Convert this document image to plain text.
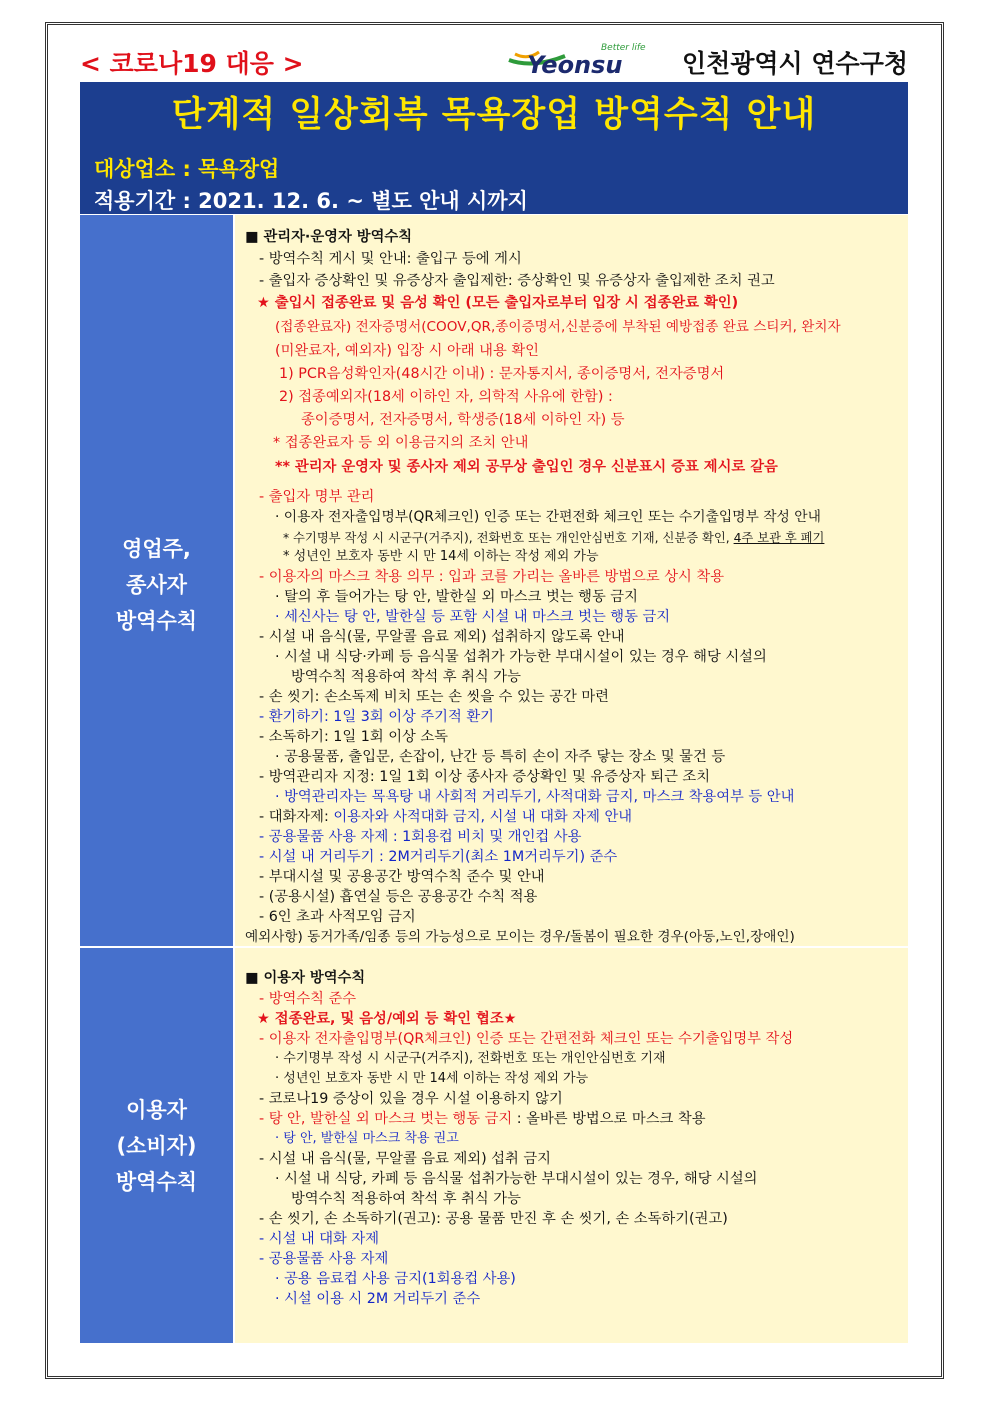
< 코로나19 대응 >	Yeonsu
Better life
인천광역시 연수구청
단계적 일상회복 목욕장업 방역수칙 안내
대상업소 : 목욕장업
적용기간 : 2021. 12. 6. ~ 별도 안내 시까지
영업주,
종사자
방역수칙
■ 관리자·운영자 방역수칙
- 방역수칙 게시 및 안내: 출입구 등에 게시
- 출입자 증상확인 및 유증상자 출입제한: 증상확인 및 유증상자 출입제한 조치 권고
★ 출입시 접종완료 및 음성 확인 (모든 출입자로부터 입장 시 접종완료 확인)
(접종완료자) 전자증명서(COOV,QR,종이증명서,신분증에 부착된 예방접종 완료 스티커, 완치자
(미완료자, 예외자) 입장 시 아래 내용 확인
1) PCR음성확인자(48시간 이내) : 문자통지서, 종이증명서, 전자증명서
2) 접종예외자(18세 이하인 자, 의학적 사유에 한함) :
종이증명서, 전자증명서, 학생증(18세 이하인 자) 등
* 접종완료자 등 외 이용금지의 조치 안내
** 관리자 운영자 및 종사자 제외 공무상 출입인 경우 신분표시 증표 제시로 갈음
- 출입자 명부 관리
· 이용자 전자출입명부(QR체크인) 인증 또는 간편전화 체크인 또는 수기출입명부 작성 안내
* 수기명부 작성 시 시군구(거주지), 전화번호 또는 개인안심번호 기재, 신분증 확인, 4주 보관 후 폐기
* 성년인 보호자 동반 시 만 14세 이하는 작성 제외 가능
- 이용자의 마스크 착용 의무 : 입과 코를 가리는 올바른 방법으로 상시 착용
· 탈의 후 들어가는 탕 안, 발한실 외 마스크 벗는 행동 금지
· 세신사는 탕 안, 발한실 등 포함 시설 내 마스크 벗는 행동 금지
- 시설 내 음식(물, 무알콜 음료 제외) 섭취하지 않도록 안내
· 시설 내 식당·카페 등 음식물 섭취가 가능한 부대시설이 있는 경우 해당 시설의
방역수칙 적용하여 착석 후 취식 가능
- 손 씻기: 손소독제 비치 또는 손 씻을 수 있는 공간 마련
- 환기하기: 1일 3회 이상 주기적 환기
- 소독하기: 1일 1회 이상 소독
· 공용물품, 출입문, 손잡이, 난간 등 특히 손이 자주 닿는 장소 및 물건 등
- 방역관리자 지정: 1일 1회 이상 종사자 증상확인 및 유증상자 퇴근 조치
· 방역관리자는 목욕탕 내 사회적 거리두기, 사적대화 금지, 마스크 착용여부 등 안내
- 대화자제: 이용자와 사적대화 금지, 시설 내 대화 자제 안내
- 공용물품 사용 자제 : 1회용컵 비치 및 개인컵 사용
- 시설 내 거리두기 : 2M거리두기(최소 1M거리두기) 준수
- 부대시설 및 공용공간 방역수칙 준수 및 안내
- (공용시설) 흡연실 등은 공용공간 수칙 적용
- 6인 초과 사적모임 금지
예외사항) 동거가족/임종 등의 가능성으로 모이는 경우/돌봄이 필요한 경우(아동,노인,장애인)
이용자
(소비자)
방역수칙
■ 이용자 방역수칙
- 방역수칙 준수
★ 접종완료, 및 음성/예외 등 확인 협조★
- 이용자 전자출입명부(QR체크인) 인증 또는 간편전화 체크인 또는 수기출입명부 작성
· 수기명부 작성 시 시군구(거주지), 전화번호 또는 개인안심번호 기재
· 성년인 보호자 동반 시 만 14세 이하는 작성 제외 가능
- 코로나19 증상이 있을 경우 시설 이용하지 않기
- 탕 안, 발한실 외 마스크 벗는 행동 금지 : 올바른 방법으로 마스크 착용
· 탕 안, 발한실 마스크 착용 권고
- 시설 내 음식(물, 무알콜 음료 제외) 섭취 금지
· 시설 내 식당, 카페 등 음식물 섭취가능한 부대시설이 있는 경우, 해당 시설의
방역수칙 적용하여 착석 후 취식 가능
- 손 씻기, 손 소독하기(권고): 공용 물품 만진 후 손 씻기, 손 소독하기(권고)
- 시설 내 대화 자제
- 공용물품 사용 자제
· 공용 음료컵 사용 금지(1회용컵 사용)
· 시설 이용 시 2M 거리두기 준수
